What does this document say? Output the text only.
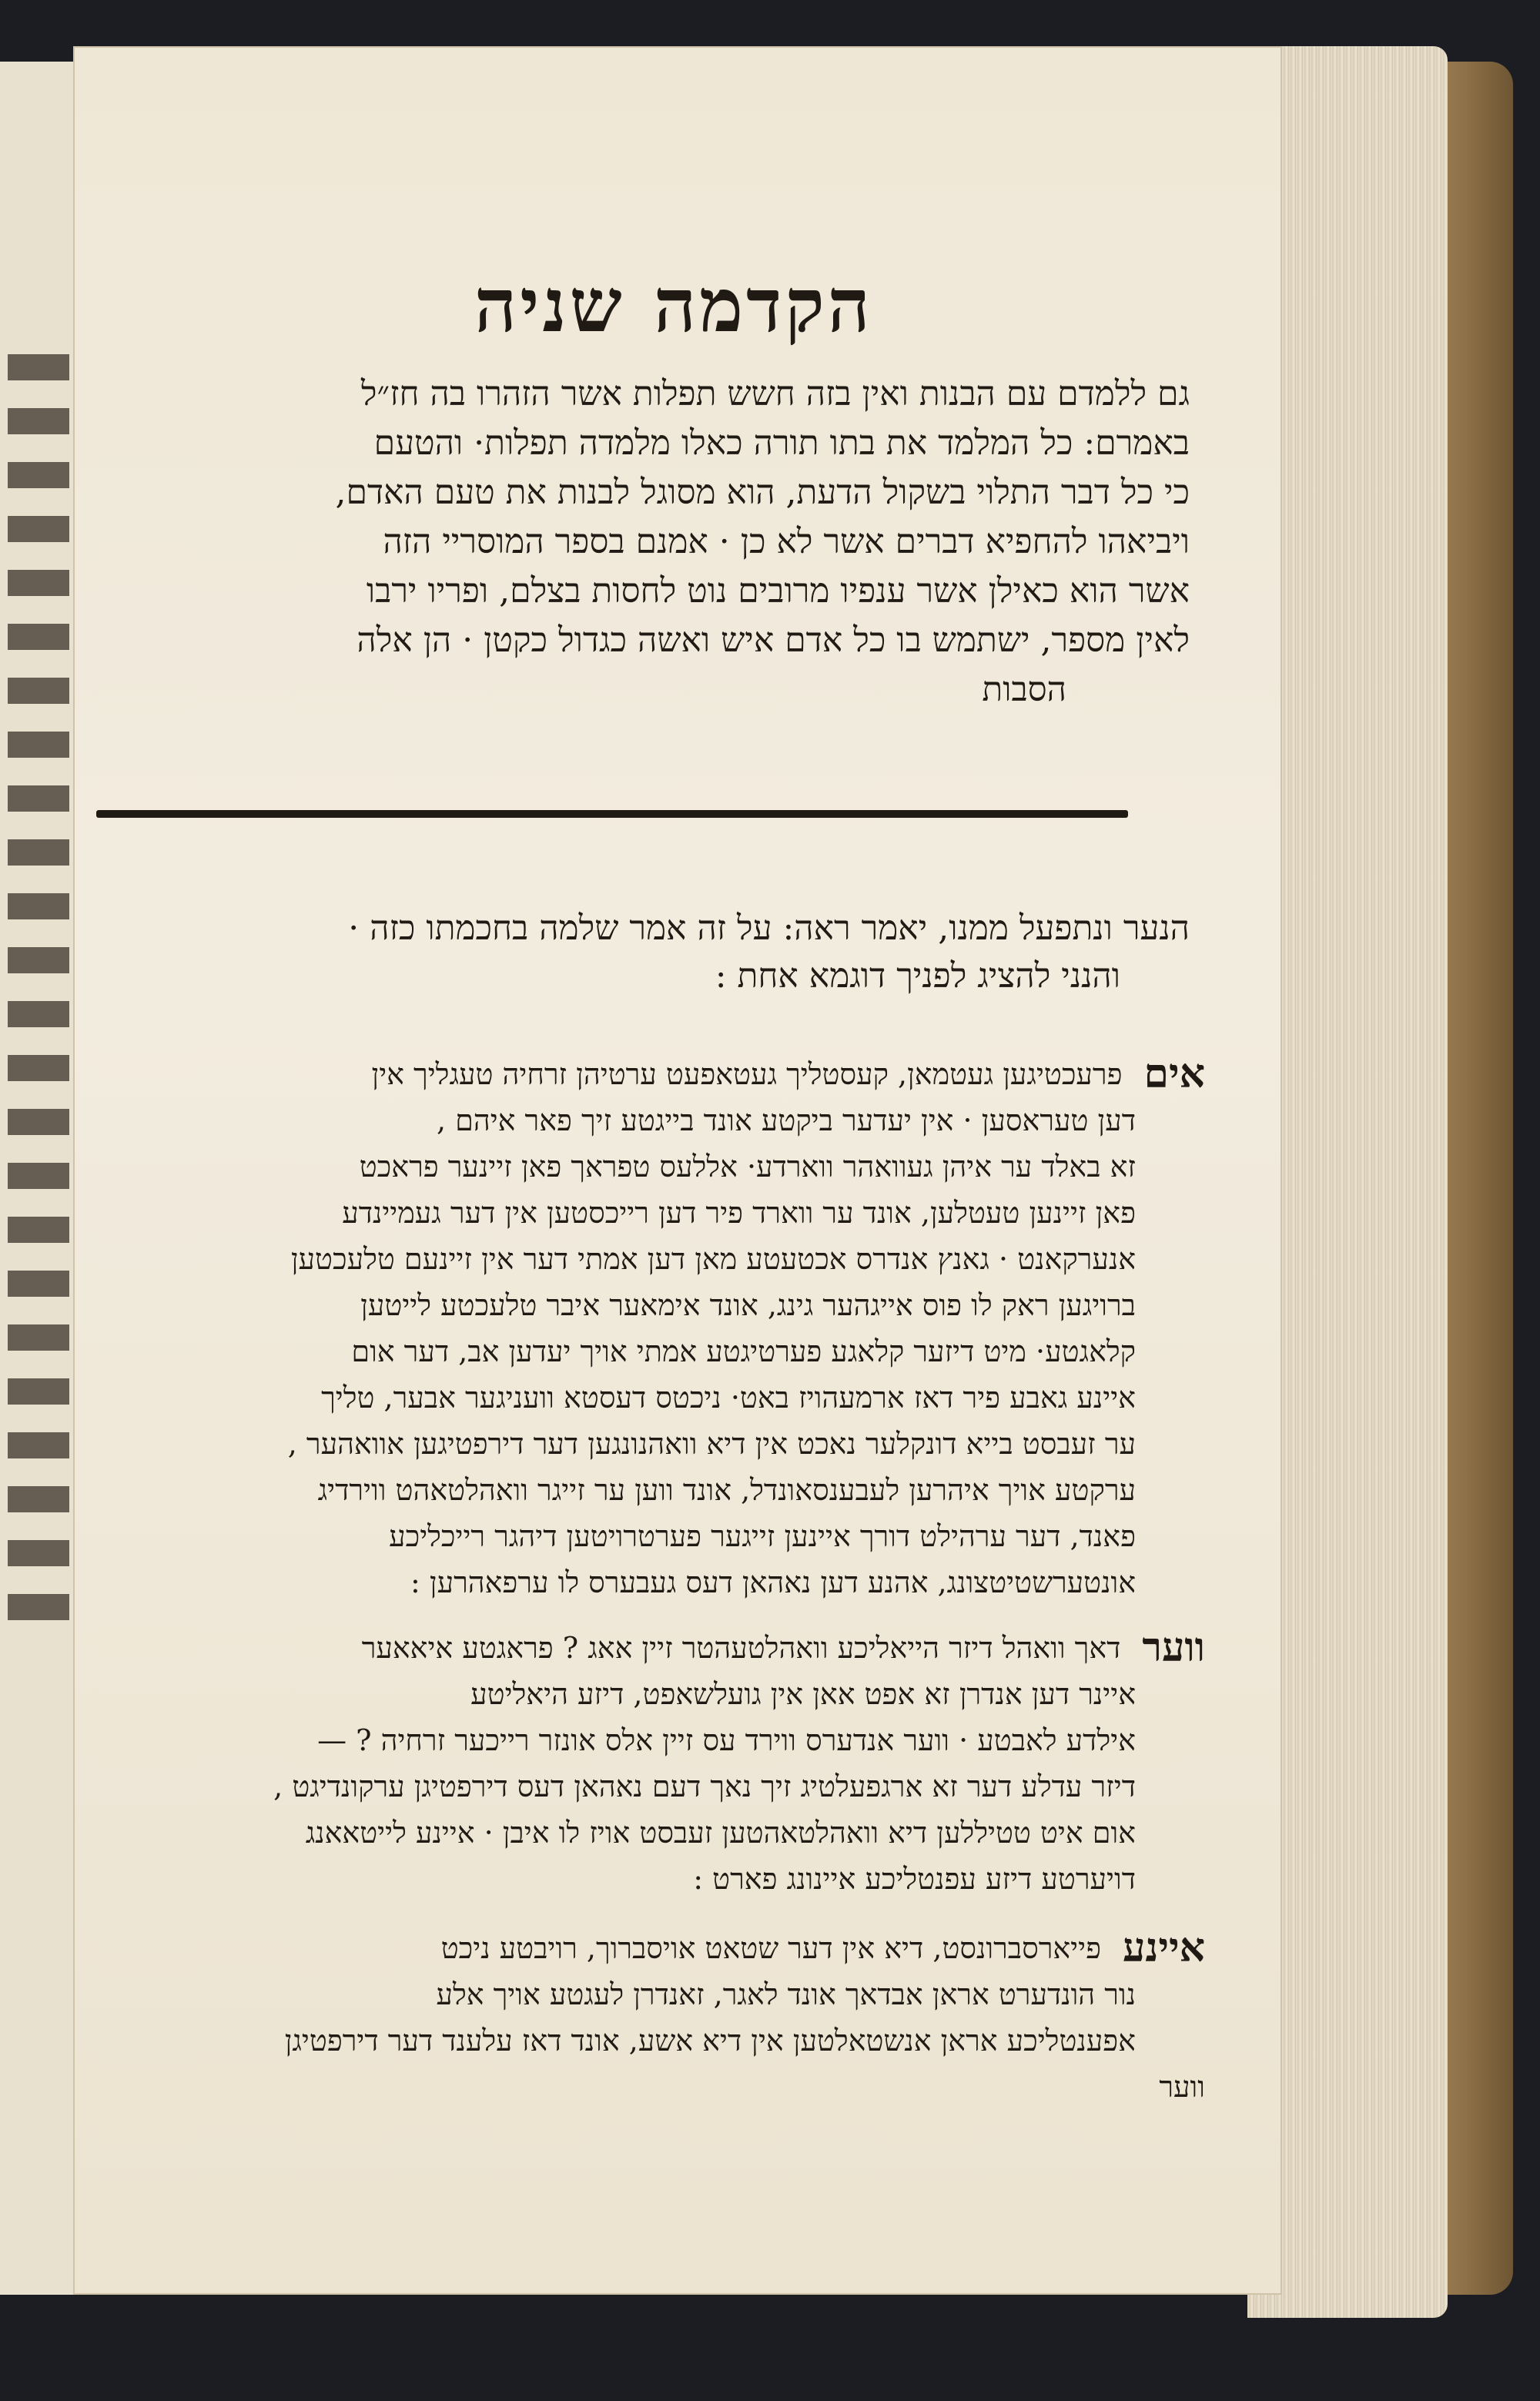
הקדמה שניה

גם ללמדם עם הבנות ואין בזה חשש תפלות אשר הזהרו בה חז״ל

באמרם: כל המלמד את בתו תורה כאלו מלמדה תפלות· והטעם

כי כל דבר התלוי בשקול הדעת, הוא מסוגל לבנות את טעם האדם,

ויביאהו להחפיא דברים אשר לא כן · אמנם בספר המוסריי הזה

אשר הוא כאילן אשר ענפיו מרובים נוט לחסות בצלם, ופריו ירבו

לאין מספר, ישתמש בו כל אדם איש ואשה כגדול כקטן · הן אלה

הסבות

הנער ונתפעל ממנו, יאמר ראה: על זה אמר שלמה בחכמתו כזה ·

והנני להציג לפניך דוגמא אחת :

אים
פרעכטיגען געטמאן, קעסטליך געטאפעט ערטיהן זרחיה טעגליך אין
דען טעראסען · אין יעדער ביקטע אונד בייגטע זיך פאר איהם ,
זא באלד ער איהן געוואהר ווארדע· אללעס טפראך פאן זיינער פראכט
פאן זיינען טעטלען, אונד ער ווארד פיר דען רייכסטען אין דער געמיינדע
אנערקאנט · גאנץ אנדרס אכטעטע מאן דען אמתי דער אין זיינעם טלעכטען
ברויגען ראק לו פוס אייגהער גינג, אונד אימאער איבר טלעכטע לייטען
קלאגטע· מיט דיזער קלאגע פערטיגטע אמתי אויך יעדען אב, דער אום
איינע גאבע פיר דאז ארמעהויז באט· ניכטס דעסטא וועניגער אבער, טליך
ער זעבסט בייא דונקלער נאכט אין דיא וואהנונגען דער דירפטיגען אוואהער ,
ערקטע אויך איהרען לעבענסאונדל, אונד ווען ער זייגר וואהלטאהט ווירדיג
פאנד, דער ערהילט דורך איינען זייגער פערטרויטען דיהגר רייכליכע
אונטערשטיטצונג, אהנע דען נאהאן דעס געבערס לו ערפאהרען :
ווער
דאך וואהל דיזר הייאליכע וואהלטעהטר זיין אאג ? פראגטע איאאער
איינר דען אנדרן זא אפט אאן אין גועלשאפט, דיזע היאליטע
אילדע לאבטע · ווער אנדערס ווירד עס זיין אלס אונזר רייכער זרחיה ? —
דיזר עדלע דער זא ארגפעלטיג זיך נאך דעם נאהאן דעס דירפטיגן ערקונדיגט ,
אום איט טטיללען דיא וואהלטאהטען זעבסט אויז לו איבן · איינע לייטאאנג
דויערטע דיזע עפנטליכע איינונג פארט :
איינע
פייארסברונסט, דיא אין דער שטאט אויסברוך, רויבטע ניכט
נור הונדערט אראן אבדאך אונד לאגר, זאנדרן לעגטע אויך אלע
אפענטליכע אראן אנשטאלטען אין דיא אשע, אונד דאז עלענד דער דירפטיגן
ווער
